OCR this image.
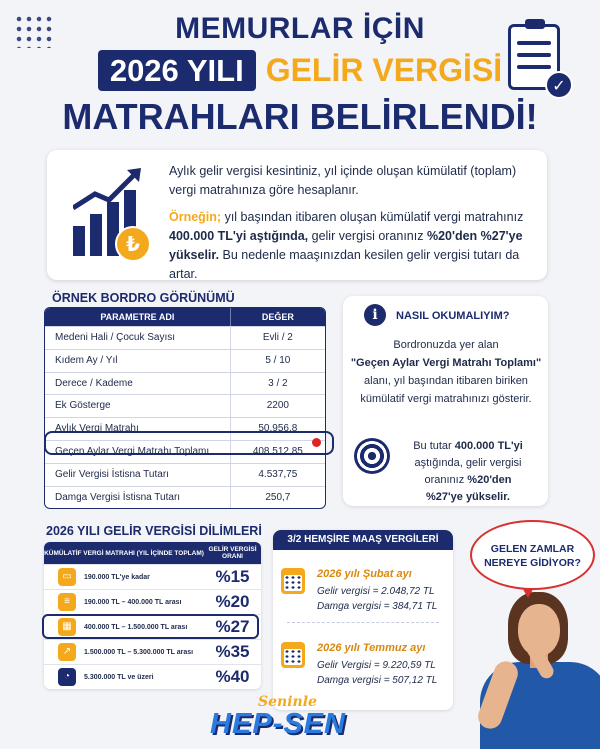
✓
MEMURLAR İÇİN
2026 YILI GELİR VERGİSİ
MATRAHLARI BELİRLENDİ!
₺

Aylık gelir vergisi kesintiniz, yıl içinde oluşan kümülatif (toplam) vergi matrahınıza göre hesaplanır.

Örneğin; yıl başından itibaren oluşan kümülatif vergi matrahınız 400.000 TL'yi aştığında, gelir vergisi oranınız %20'den %27'ye yükselir. Bu nedenle maaşınızdan kesilen gelir vergisi tutarı da artar.

ÖRNEK BORDRO GÖRÜNÜMÜ
PARAMETRE ADI	DEĞER
Medeni Hali / Çocuk Sayısı	Evli / 2
Kıdem Ay / Yıl	5 / 10
Derece / Kademe	3 / 2
Ek Gösterge	2200
Aylık Vergi Matrahı	50.956,8
Geçen Aylar Vergi Matrahı Toplamı	408.512,85
Gelir Vergisi İstisna Tutarı	4.537,75
Damga Vergisi İstisna Tutarı	250,7
i	NASIL OKUMALIYIM?
Bordronuzda yer alan
"Geçen Aylar Vergi Matrahı Toplamı"
alanı, yıl başından itibaren biriken
kümülatif vergi matrahınızı gösterir.
Bu tutar 400.000 TL'yi
aştığında, gelir vergisi
oranınız %20'den
%27'ye yükselir.
2026 YILI GELİR VERGİSİ DİLİMLERİ
KÜMÜLATİF VERGİ MATRAHI (YIL İÇİNDE TOPLAM) GELİR VERGİSİ ORANI
▭	190.000 TL'ye kadar	%15
≡	190.000 TL – 400.000 TL arası	%20
▦	400.000 TL – 1.500.000 TL arası	%27
↗	1.500.000 TL – 5.300.000 TL arası	%35
◔	5.300.000 TL ve üzeri	%40
3/2 HEMŞİRE MAAŞ VERGİLERİ
2026 yılı Şubat ayı
Gelir vergisi = 2.048,72 TL
Damga vergisi = 384,71 TL
2026 yılı Temmuz ayı
Gelir Vergisi = 9.220,59 TL
Damga vergisi = 507,12 TL
GELEN ZAMLAR
NEREYE GİDİYOR?
Seninle
HEP-SEN
